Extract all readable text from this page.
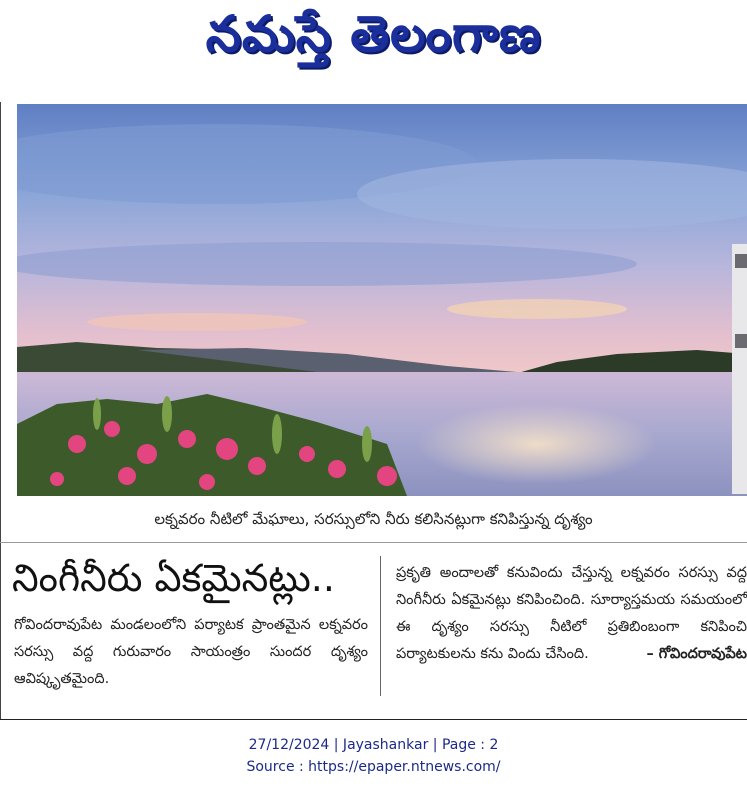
నమస్తే తెలంగాణ
లక్నవరం నీటిలో మేఘాలు, సరస్సులోని నీరు కలిసినట్లుగా కనిపిస్తున్న దృశ్యం
నింగీనీరు ఏకమైనట్లు..
గోవిందరావుపేట మండలంలోని పర్యాటక ప్రాంతమైన లక్నవరం సరస్సు వద్ద గురువారం సాయంత్రం సుందర దృశ్యం ఆవిష్కృతమైంది.
ప్రకృతి అందాలతో కనువిందు చేస్తున్న లక్నవరం సరస్సు వద్ద నింగీనీరు ఏకమైనట్లు కనిపించింది. సూర్యాస్తమయ సమయంలో ఈ దృశ్యం సరస్సు నీటిలో ప్రతిబింబంగా కనిపించి పర్యాటకులను కను విందు చేసింది.	– గోవిందరావుపేట
27/12/2024 | Jayashankar | Page : 2
Source : https://epaper.ntnews.com/
